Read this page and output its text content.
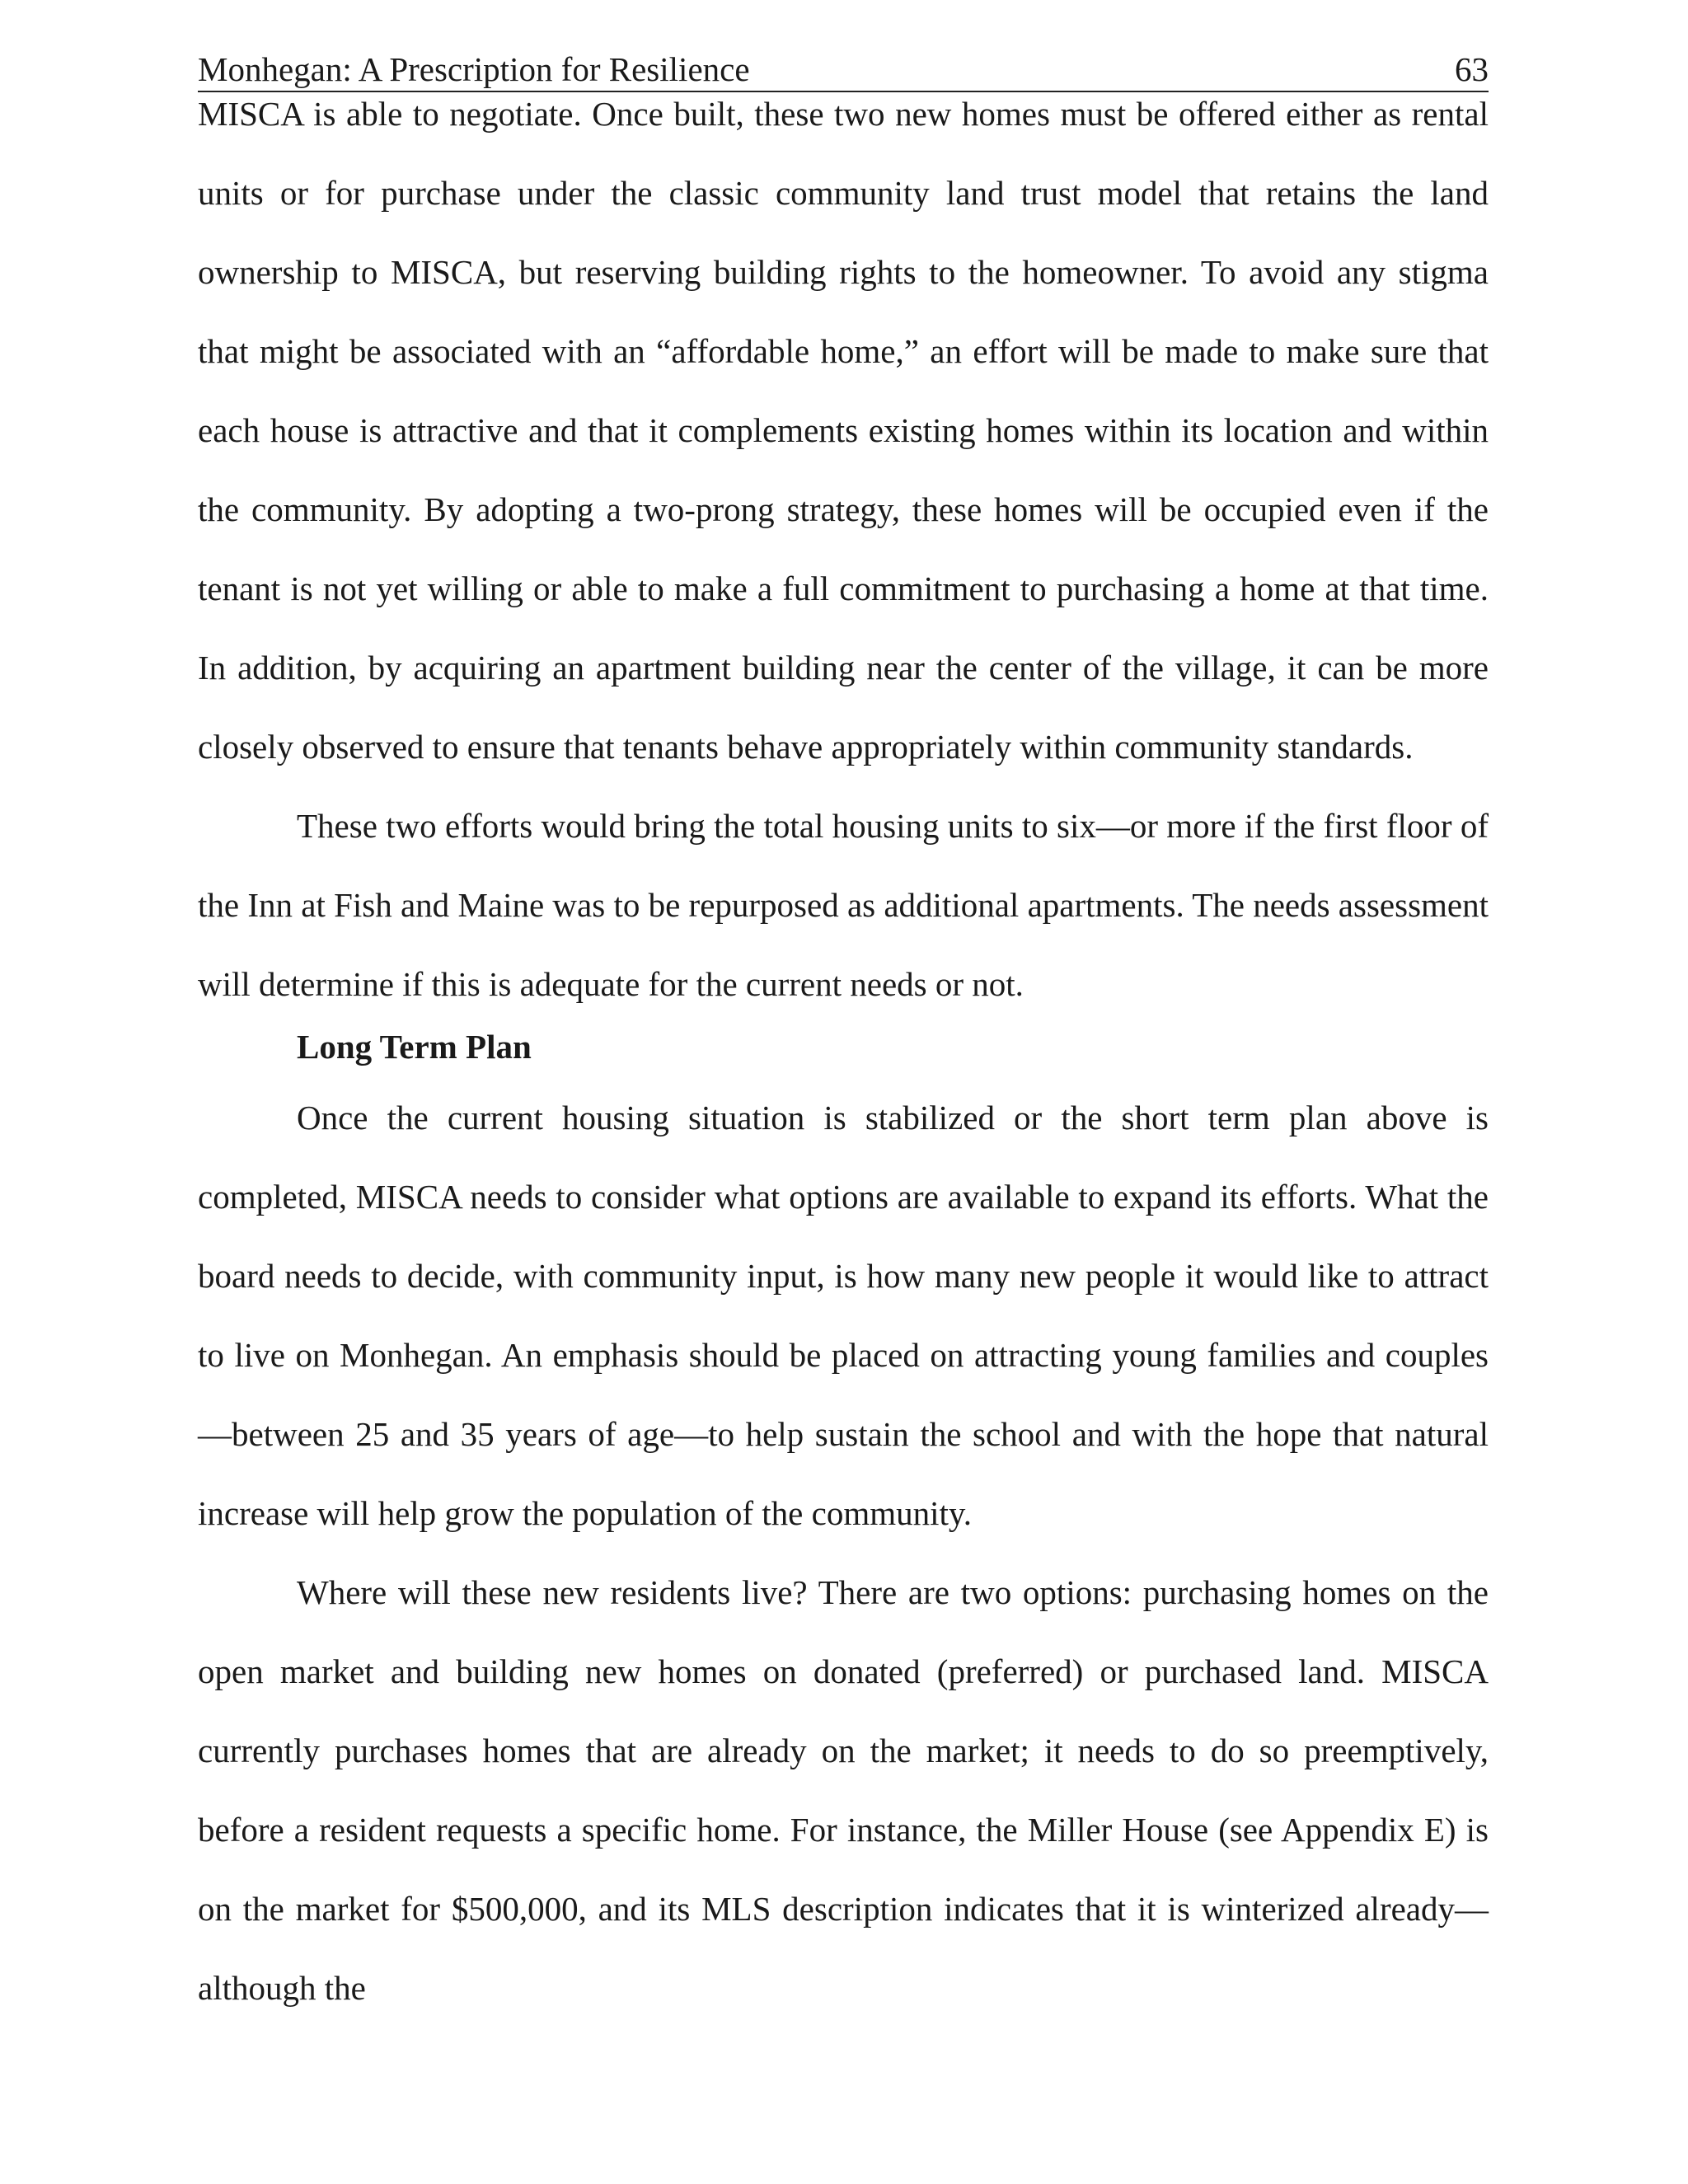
Monhegan: A Prescription for Resilience	63

MISCA is able to negotiate. Once built, these two new homes must be offered either as rental units or for purchase under the classic community land trust model that retains the land ownership to MISCA, but reserving building rights to the homeowner. To avoid any stigma that might be associated with an “affordable home,” an effort will be made to make sure that each house is attractive and that it complements existing homes within its location and within the community. By adopting a two-prong strategy, these homes will be occupied even if the tenant is not yet willing or able to make a full commitment to purchasing a home at that time. In addition, by acquiring an apartment building near the center of the village, it can be more closely observed to ensure that tenants behave appropriately within community standards.

These two efforts would bring the total housing units to six—or more if the first floor of the Inn at Fish and Maine was to be repurposed as additional apartments. The needs assessment will determine if this is adequate for the current needs or not.

Long Term Plan

Once the current housing situation is stabilized or the short term plan above is completed, MISCA needs to consider what options are available to expand its efforts. What the board needs to decide, with community input, is how many new people it would like to attract to live on Monhegan. An emphasis should be placed on attracting young families and couples—between 25 and 35 years of age—to help sustain the school and with the hope that natural increase will help grow the population of the community.

Where will these new residents live? There are two options: purchasing homes on the open market and building new homes on donated (preferred) or purchased land. MISCA currently purchases homes that are already on the market; it needs to do so preemptively, before a resident requests a specific home. For instance, the Miller House (see Appendix E) is on the market for $500,000, and its MLS description indicates that it is winterized already—although the
